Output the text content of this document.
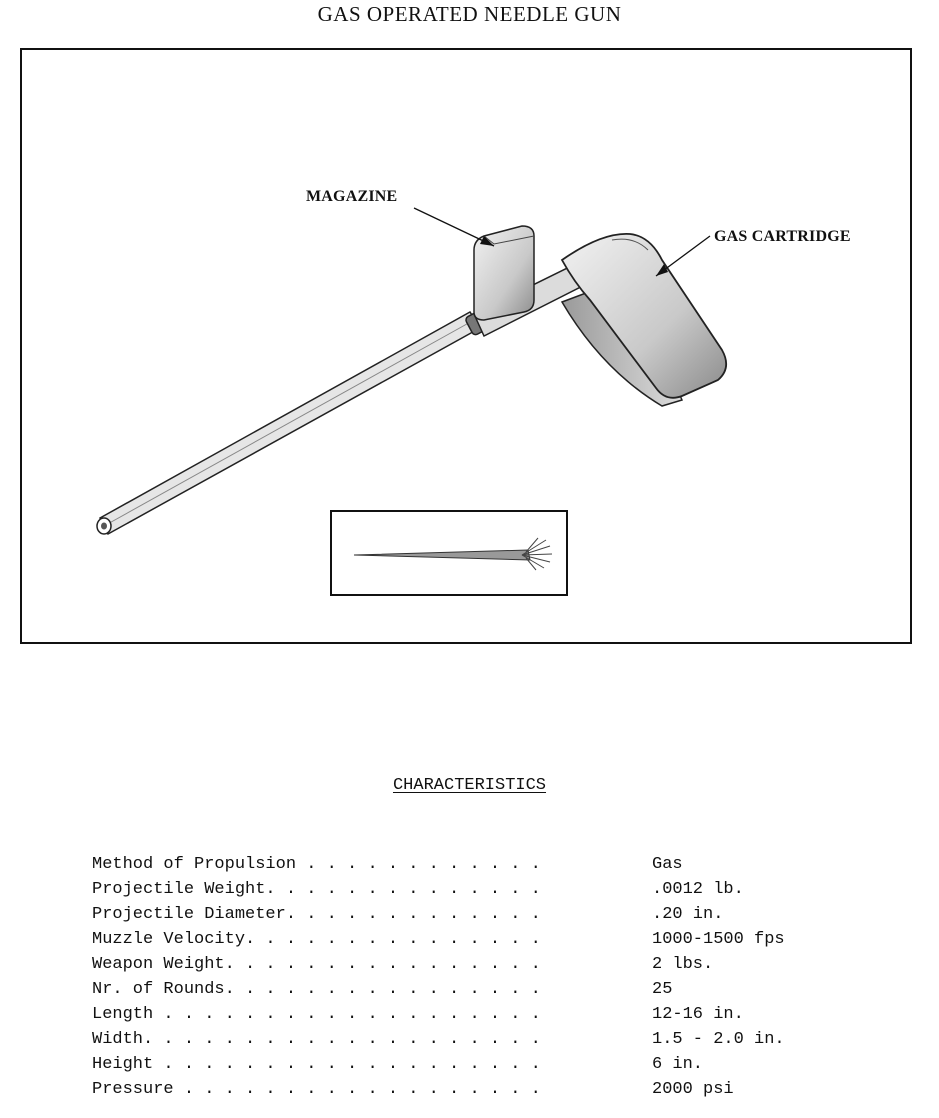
GAS OPERATED NEEDLE GUN
MAGAZINE
GAS CARTRIDGE
CHARACTERISTICS
Method of Propulsion . . . . . . . . . . . .	Gas
Projectile Weight. . . . . . . . . . . . . .	.0012 lb.
Projectile Diameter. . . . . . . . . . . . .	.20 in.
Muzzle Velocity. . . . . . . . . . . . . . .	1000-1500 fps
Weapon Weight. . . . . . . . . . . . . . . .	2 lbs.
Nr. of Rounds. . . . . . . . . . . . . . . .	25
Length . . . . . . . . . . . . . . . . . . .	12-16 in.
Width. . . . . . . . . . . . . . . . . . . .	1.5 - 2.0 in.
Height . . . . . . . . . . . . . . . . . . .	6 in.
Pressure . . . . . . . . . . . . . . . . . .	2000 psi
